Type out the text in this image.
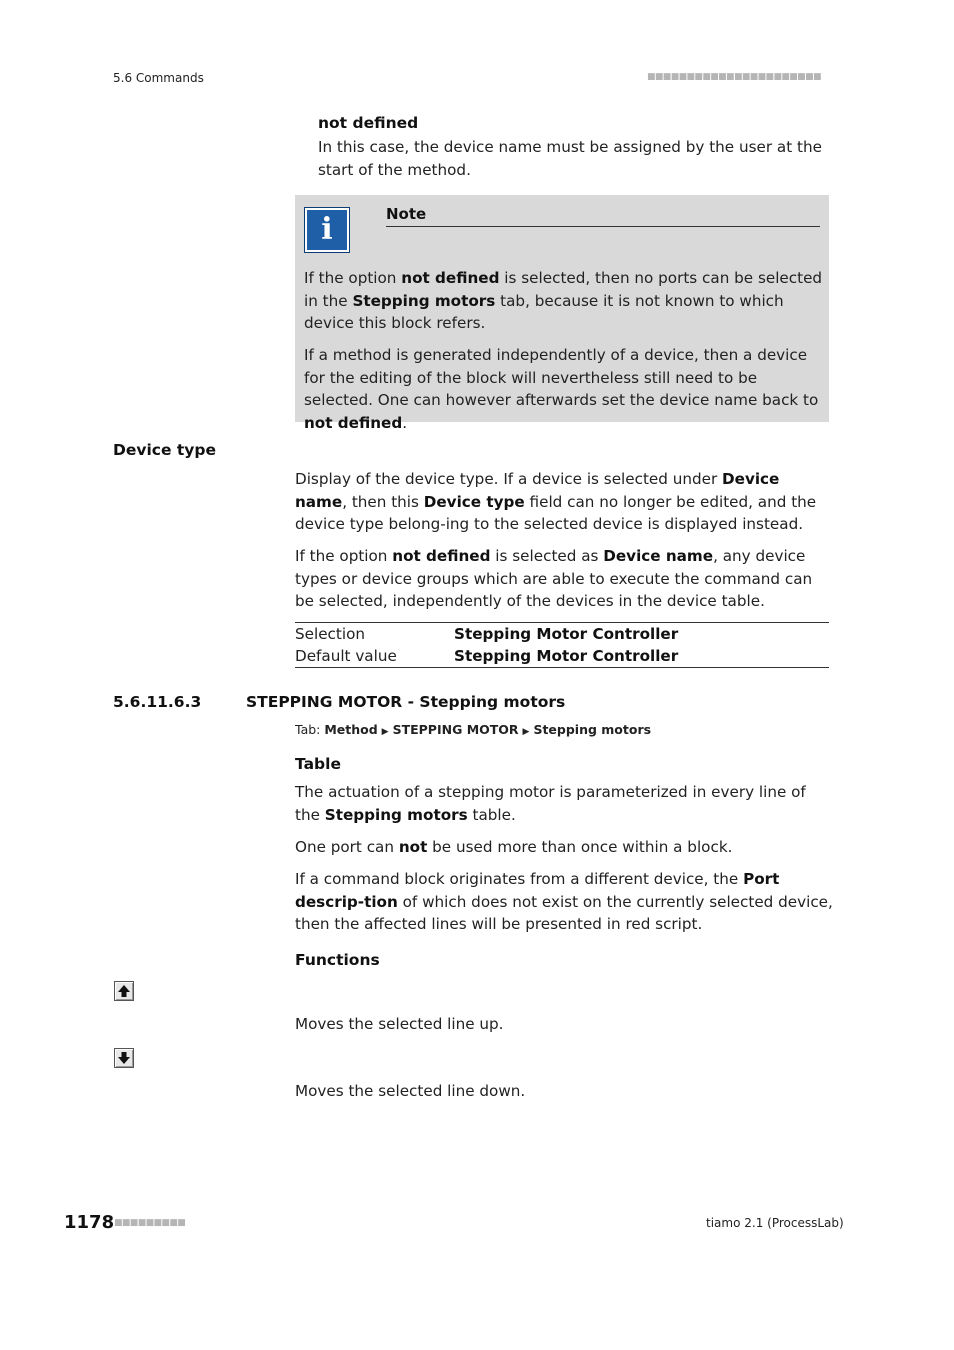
5.6 Commands	■■■■■■■■■■■■■■■■■■■■■■
not defined
In this case, the device name must be assigned by the user at the start of the method.
i	Note
If the option not defined is selected, then no ports can be selected in the Stepping motors tab, because it is not known to which device this block refers.
If a method is generated independently of a device, then a device for the editing of the block will nevertheless still need to be selected. One can however afterwards set the device name back to not defined.
Device type
Display of the device type. If a device is selected under Device name, then this Device type field can no longer be edited, and the device type belong-ing to the selected device is displayed instead.
If the option not defined is selected as Device name, any device types or device groups which are able to execute the command can be selected, independently of the devices in the device table.
Selection	Stepping Motor Controller
Default value	Stepping Motor Controller
5.6.11.6.3	STEPPING MOTOR - Stepping motors
Tab: Method ▶ STEPPING MOTOR ▶ Stepping motors
Table
The actuation of a stepping motor is parameterized in every line of the Stepping motors table.
One port can not be used more than once within a block.
If a command block originates from a different device, the Port descrip-tion of which does not exist on the currently selected device, then the affected lines will be presented in red script.
Functions
Moves the selected line up.
Moves the selected line down.
1178 ■■■■■■■■■	tiamo 2.1 (ProcessLab)
